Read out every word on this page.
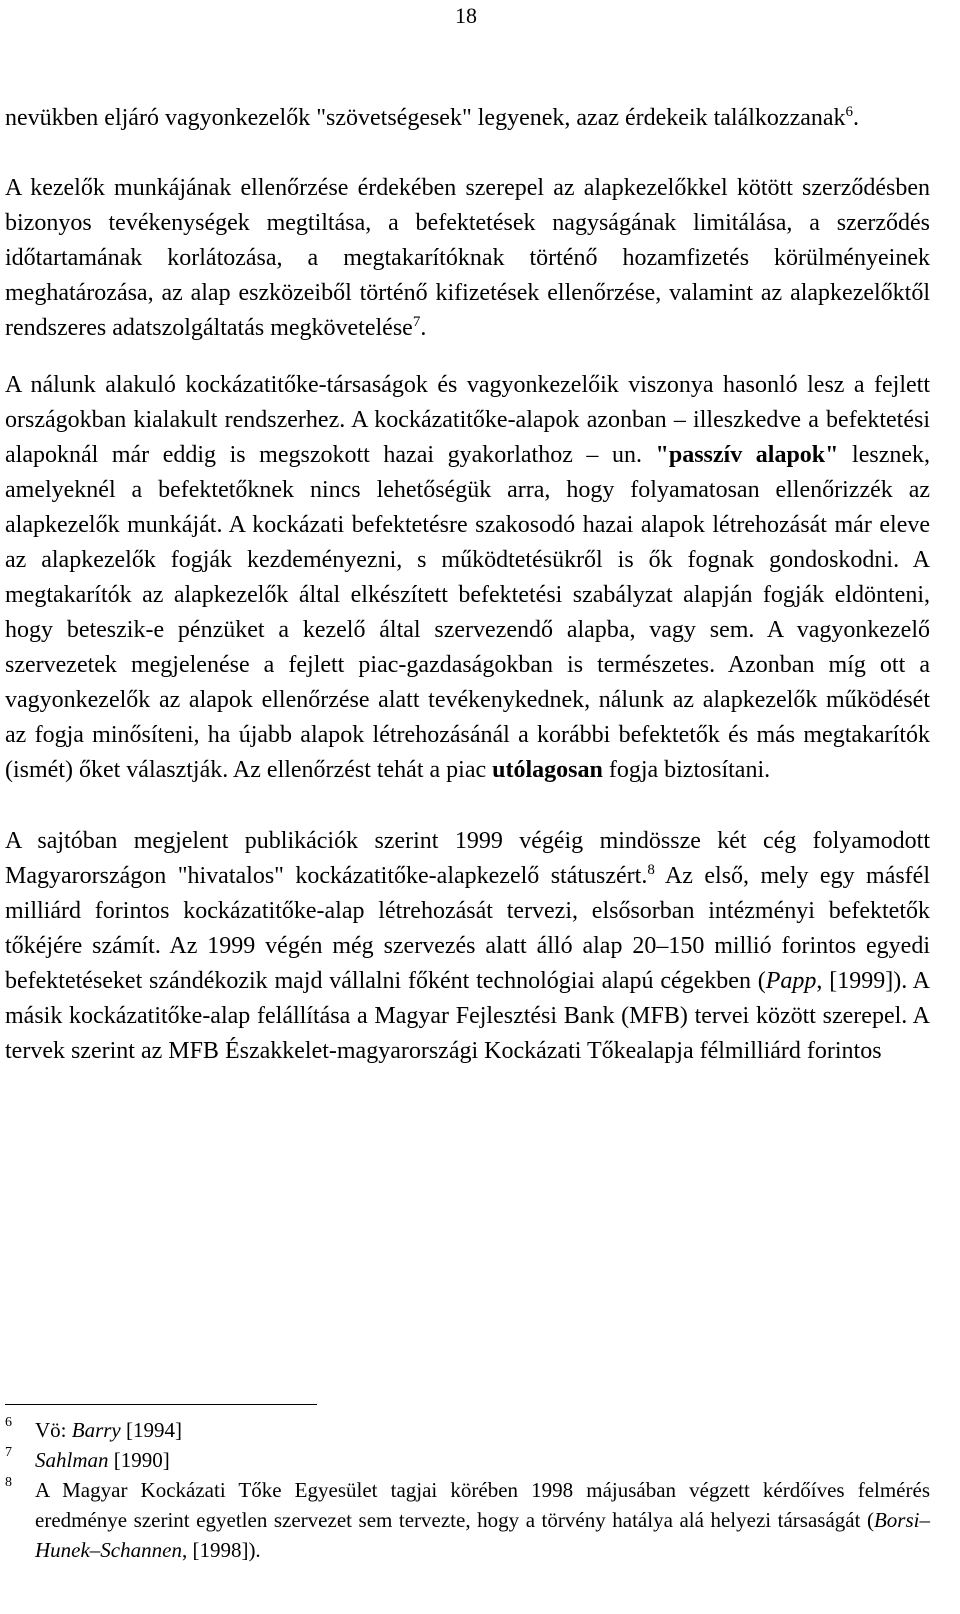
18

nevükben eljáró vagyonkezelők "szövetségesek" legyenek, azaz érdekeik találkozzanak$^6$.

A kezelők munkájának ellenőrzése érdekében szerepel az alapkezelőkkel kötött szerződésben bizonyos tevékenységek megtiltása, a befektetések nagyságának limitálása, a szerződés időtartamának korlátozása, a megtakarítóknak történő hozamfizetés körülményeinek meghatározása, az alap eszközeiből történő kifizetések ellenőrzése, valamint az alapkezelőktől rendszeres adatszolgáltatás megkövetelése$^7$.

A nálunk alakuló kockázatitőke-társaságok és vagyonkezelőik viszonya hasonló lesz a fejlett országokban kialakult rendszerhez. A kockázatitőke-alapok azonban – illeszkedve a befektetési alapoknál már eddig is megszokott hazai gyakorlathoz – un. "passzív alapok" lesznek, amelyeknél a befektetőknek nincs lehetőségük arra, hogy folyamatosan ellenőrizzék az alapkezelők munkáját. A kockázati befektetésre szakosodó hazai alapok létrehozását már eleve az alapkezelők fogják kezdeményezni, s működtetésükről is ők fognak gondoskodni. A megtakarítók az alapkezelők által elkészített befektetési szabályzat alapján fogják eldönteni, hogy beteszik-e pénzüket a kezelő által szervezendő alapba, vagy sem. A vagyonkezelő szervezetek megjelenése a fejlett piac-gazdaságokban is természetes. Azonban míg ott a vagyonkezelők az alapok ellenőrzése alatt tevékenykednek, nálunk az alapkezelők működését az fogja minősíteni, ha újabb alapok létrehozásánál a korábbi befektetők és más megtakarítók (ismét) őket választják. Az ellenőrzést tehát a piac utólagosan fogja biztosítani.

A sajtóban megjelent publikációk szerint 1999 végéig mindössze két cég folyamodott Magyarországon "hivatalos" kockázatitőke-alapkezelő státuszért.$^8$ Az első, mely egy másfél milliárd forintos kockázatitőke-alap létrehozását tervezi, elsősorban intézményi befektetők tőkéjére számít. Az 1999 végén még szervezés alatt álló alap 20–150 millió forintos egyedi befektetéseket szándékozik majd vállalni főként technológiai alapú cégekben (Papp, [1999]). A másik kockázatitőke-alap felállítása a Magyar Fejlesztési Bank (MFB) tervei között szerepel. A tervek szerint az MFB Északkelet-magyarországi Kockázati Tőkealapja félmilliárd forintos

6 Vö: Barry [1994]

7 Sahlman [1990]

8 A Magyar Kockázati Tőke Egyesület tagjai körében 1998 májusában végzett kérdőíves felmérés eredménye szerint egyetlen szervezet sem tervezte, hogy a törvény hatálya alá helyezi társaságát (Borsi–Hunek–Schannen, [1998]).
